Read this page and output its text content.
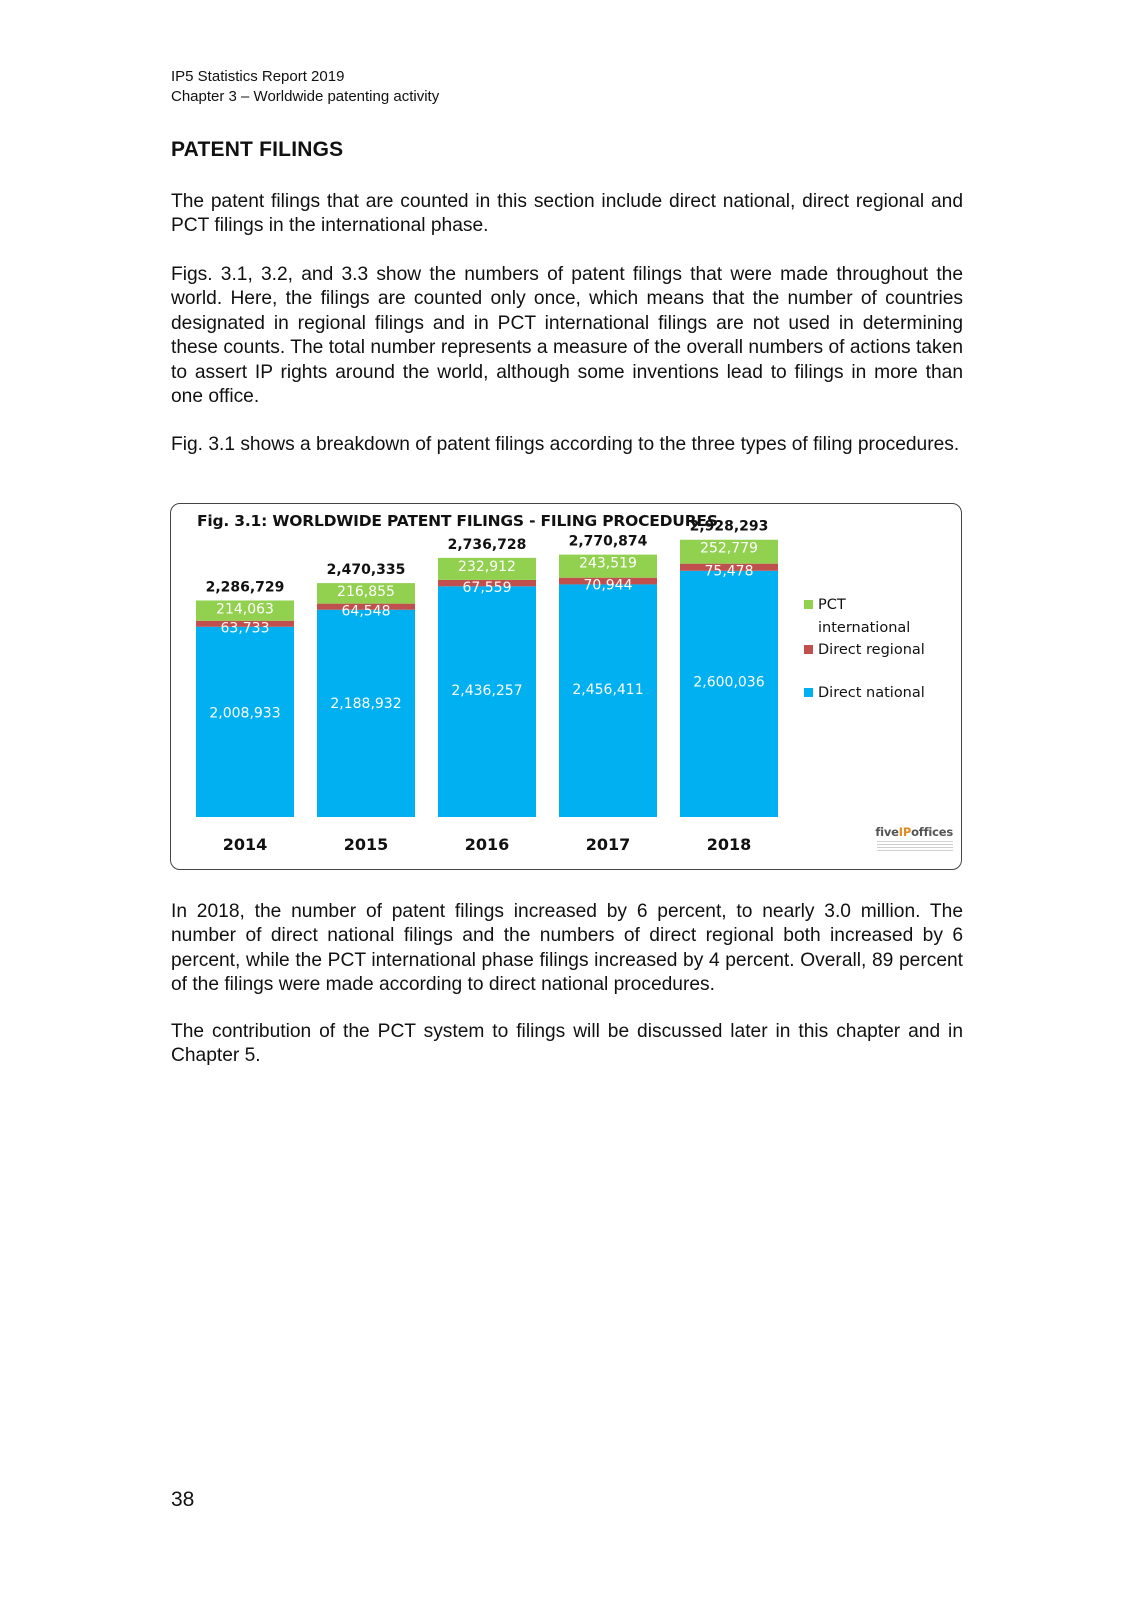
IP5 Statistics Report 2019
Chapter 3 – Worldwide patenting activity
PATENT FILINGS

The patent filings that are counted in this section include direct national, direct regional and PCT filings in the international phase.

Figs. 3.1, 3.2, and 3.3 show the numbers of patent filings that were made throughout the world. Here, the filings are counted only once, which means that the number of countries designated in regional filings and in PCT international filings are not used in determining these counts. The total number represents a measure of the overall numbers of actions taken to assert IP rights around the world, although some inventions lead to filings in more than one office.

Fig. 3.1 shows a breakdown of patent filings according to the three types of filing procedures.

Fig. 3.1: WORLDWIDE PATENT FILINGS - FILING PROCEDURES
2,008,933
214,063
63,733
2,286,729
2014
2,188,932
216,855
64,548
2,470,335
2015
2,436,257
232,912
67,559
2,736,728
2016
2,456,411
243,519
70,944
2,770,874
2017
2,600,036
252,779
75,478
2,928,293
2018
PCT
international
Direct regional
Direct national
fiveIPoffices

In 2018, the number of patent filings increased by 6 percent, to nearly 3.0 million. The number of direct national filings and the numbers of direct regional both increased by 6 percent, while the PCT international phase filings increased by 4 percent. Overall, 89 percent of the filings were made according to direct national procedures.

The contribution of the PCT system to filings will be discussed later in this chapter and in Chapter 5.

38
